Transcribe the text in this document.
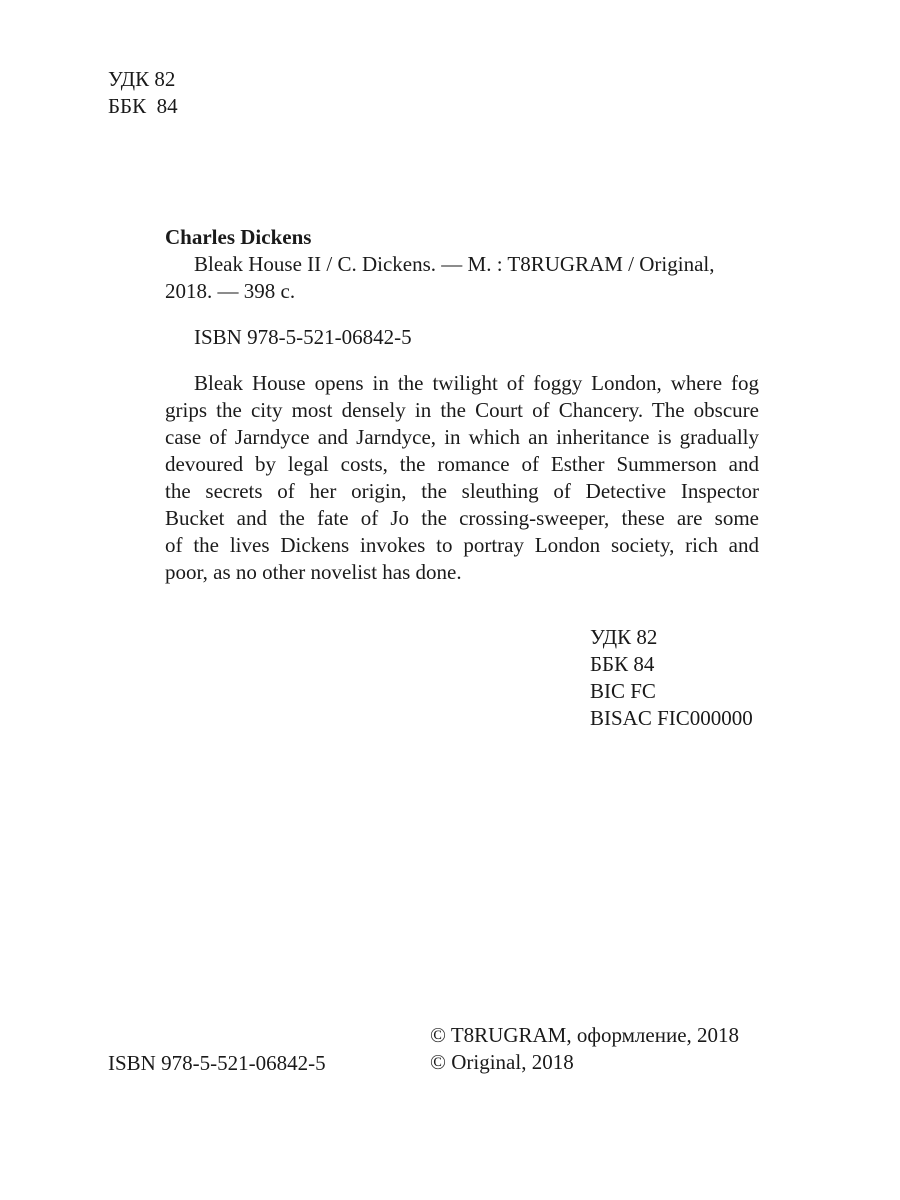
УДК 82
ББК  84
Charles Dickens
Bleak House II / C. Dickens. — M. : T8RUGRAM / Original,
2018. — 398 c.
ISBN 978-5-521-06842-5
Bleak House opens in the twilight of foggy London, where fog
grips the city most densely in the Court of Chancery. The obscure
case of Jarndyce and Jarndyce, in which an inheritance is gradually
devoured by legal costs, the romance of Esther Summerson and
the secrets of her origin, the sleuthing of Detective Inspector
Bucket and the fate of Jo the crossing-sweeper, these are some
of the lives Dickens invokes to portray London society, rich and
poor, as no other novelist has done.
УДК 82
ББК 84
BIC FC
BISAC FIC000000
ISBN 978-5-521-06842-5
© T8RUGRAM, оформление, 2018
© Original, 2018
